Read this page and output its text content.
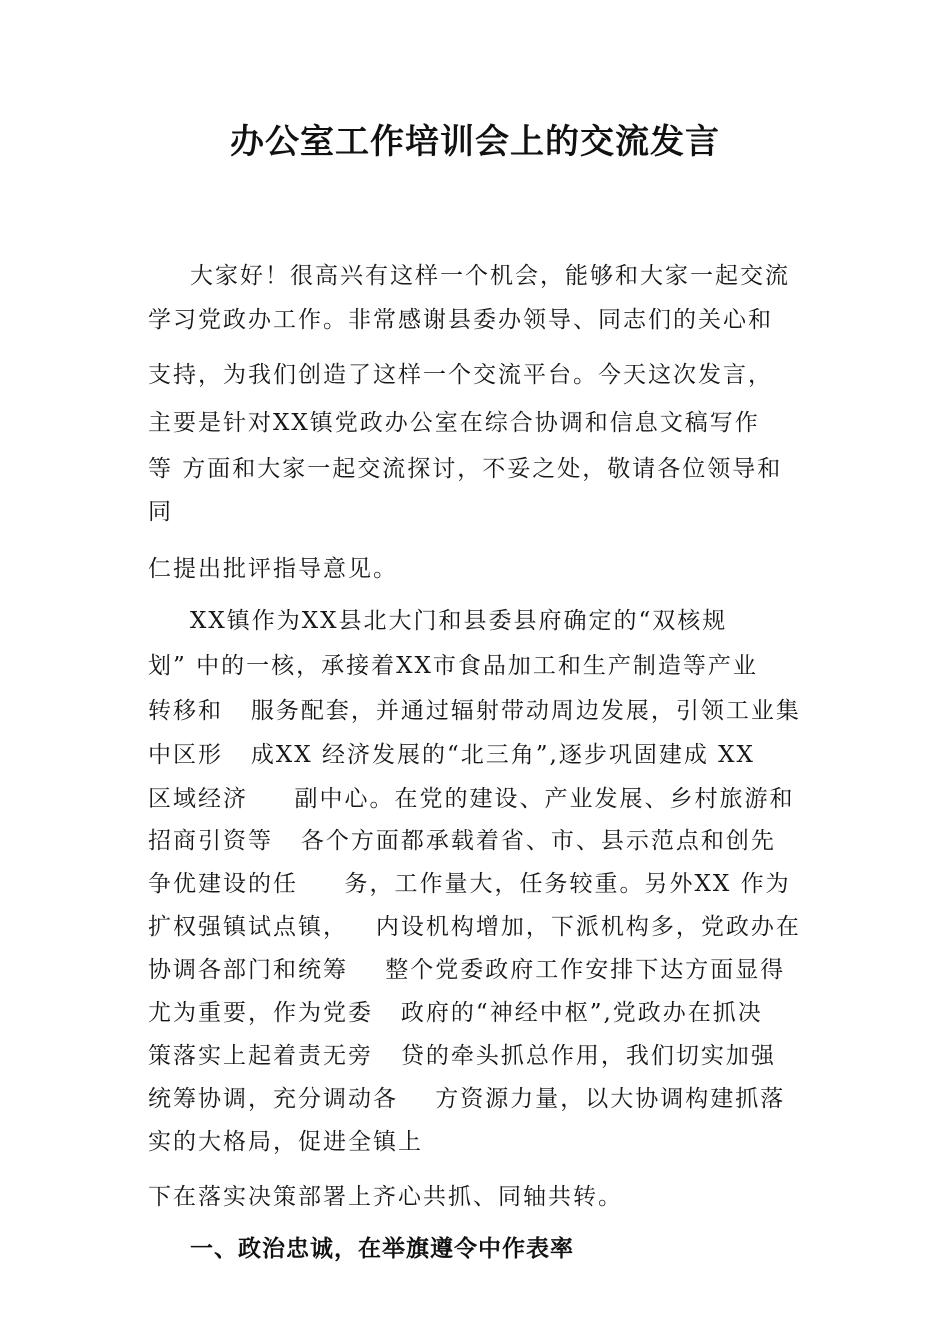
办公室工作培训会上的交流发言
大家好！很高兴有这样一个机会，能够和大家一起交流
学习党政办工作。非常感谢县委办领导、同志们的关心和
支持，为我们创造了这样一个交流平台。今天这次发言，
主要是针对XX镇党政办公室在综合协调和信息文稿写作
等 方面和大家一起交流探讨，不妥之处，敬请各位领导和
同
仁提出批评指导意见。
XX镇作为XX县北大门和县委县府确定的“双核规
划” 中的一核，承接着XX市食品加工和生产制造等产业
转移和   服务配套，并通过辐射带动周边发展，引领工业集
中区形   成XX 经济发展的“北三角”,逐步巩固建成 XX
区域经济     副中心。在党的建设、产业发展、乡村旅游和
招商引资等   各个方面都承载着省、市、县示范点和创先
争优建设的任     务，工作量大，任务较重。另外XX 作为
扩权强镇试点镇，   内设机构增加，下派机构多，党政办在
协调各部门和统筹    整个党委政府工作安排下达方面显得
尤为重要，作为党委   政府的“神经中枢”,党政办在抓决
策落实上起着责无旁   贷的牵头抓总作用，我们切实加强
统筹协调，充分调动各    方资源力量，以大协调构建抓落
实的大格局，促进全镇上
下在落实决策部署上齐心共抓、同轴共转。
一、政治忠诚，在举旗遵令中作表率
